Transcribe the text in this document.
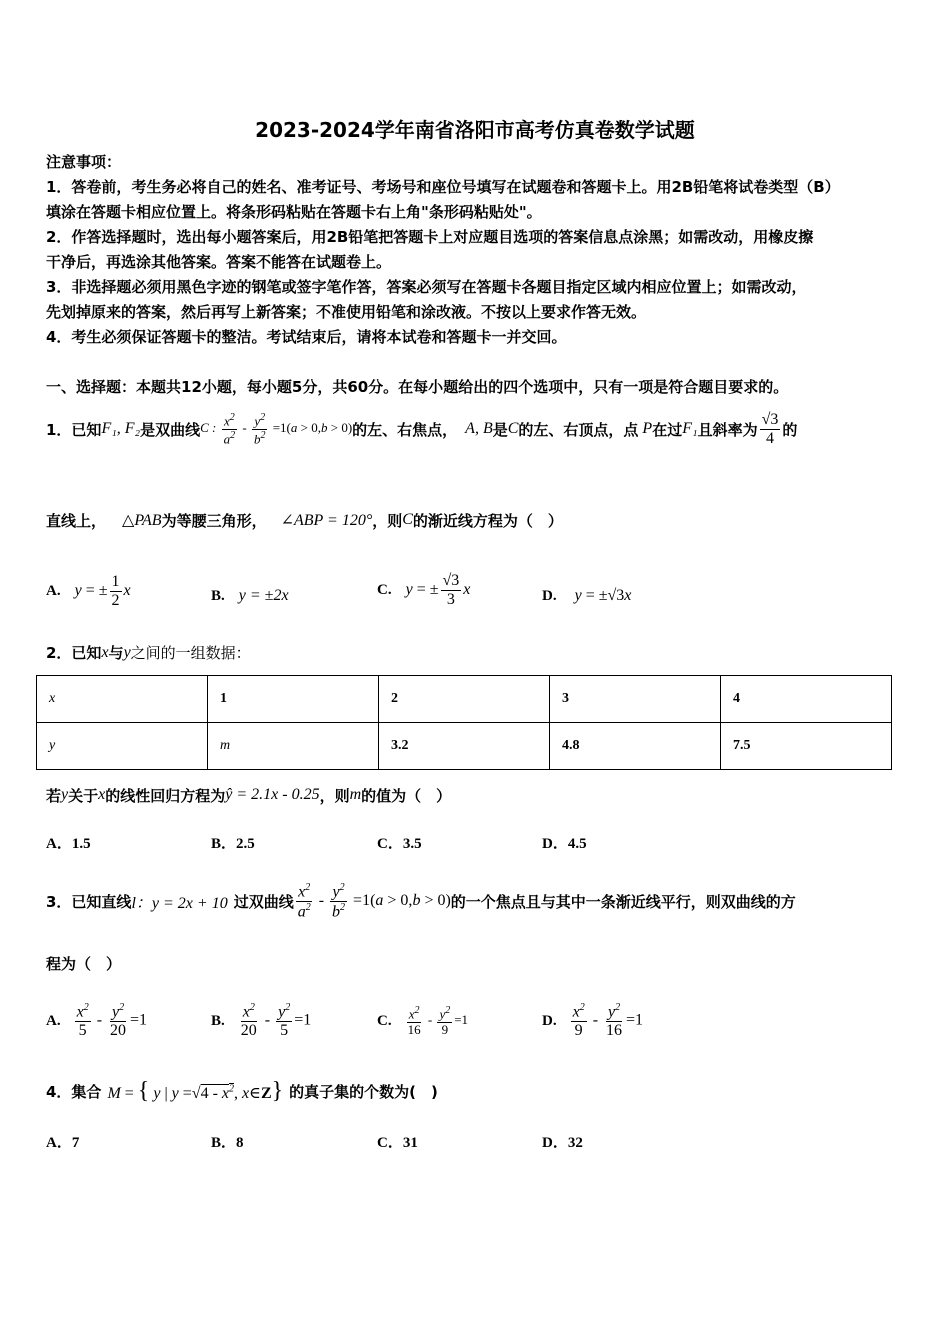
2023-2024学年南省洛阳市高考仿真卷数学试题
注意事项：
1．答卷前，考生务必将自己的姓名、准考证号、考场号和座位号填写在试题卷和答题卡上。用2B铅笔将试卷类型（B）
填涂在答题卡相应位置上。将条形码粘贴在答题卡右上角"条形码粘贴处"。
2．作答选择题时，选出每小题答案后，用2B铅笔把答题卡上对应题目选项的答案信息点涂黑；如需改动，用橡皮擦
干净后，再选涂其他答案。答案不能答在试题卷上。
3．非选择题必须用黑色字迹的钢笔或签字笔作答，答案必须写在答题卡各题目指定区域内相应位置上；如需改动，
先划掉原来的答案，然后再写上新答案；不准使用铅笔和涂改液。不按以上要求作答无效。
4．考生必须保证答题卡的整洁。考试结束后，请将本试卷和答题卡一并交回。
一、选择题：本题共12小题，每小题5分，共60分。在每小题给出的四个选项中，只有一项是符合题目要求的。
1．已知 F₁, F₂ 是双曲线 C : $\frac{x^2}{a^2} - \frac{y^2}{b^2} =1(a > 0,b > 0)$ 的左、右焦点， A, B 是 C 的左、右顶点，点 P 在过 F₁ 且斜率为 $\frac{√3}{4}$ 的
直线上， △PAB 为等腰三角形， ∠ABP = 120° ，则 C 的渐近线方程为（　）
A. y = ± $\frac{1}{2}$ x	B. y = ±2x	C. y = ± $\frac{√3}{3}$ x	D. y = ±√3x
2．已知 x 与 y 之间的一组数据：
x	1	2	3	4
y	m	3.2	4.8	7.5
若 y 关于 x 的线性回归方程为 ŷ = 2.1x - 0.25 ，则 m 的值为（　）
A．1.5	B．2.5	C．3.5	D．4.5
3．已知直线 l：y = 2x + 10 过双曲线 $\frac{x^2}{a^2} - \frac{y^2}{b^2} =1(a > 0,b > 0)$ 的一个焦点且与其中一条渐近线平行，则双曲线的方
程为（　）
A. $\frac{x^2}{5} - \frac{y^2}{20} =1$	B. $\frac{x^2}{20} - \frac{y^2}{5} =1$	C. $\frac{x^2}{16} - \frac{y^2}{9} =1$	D. $\frac{x^2}{9} - \frac{y^2}{16} =1$
4．集合 M = { y | $y =√4 - x^2$, x∈Z} 的真子集的个数为(　)
A．7	B．8	C．31	D．32
